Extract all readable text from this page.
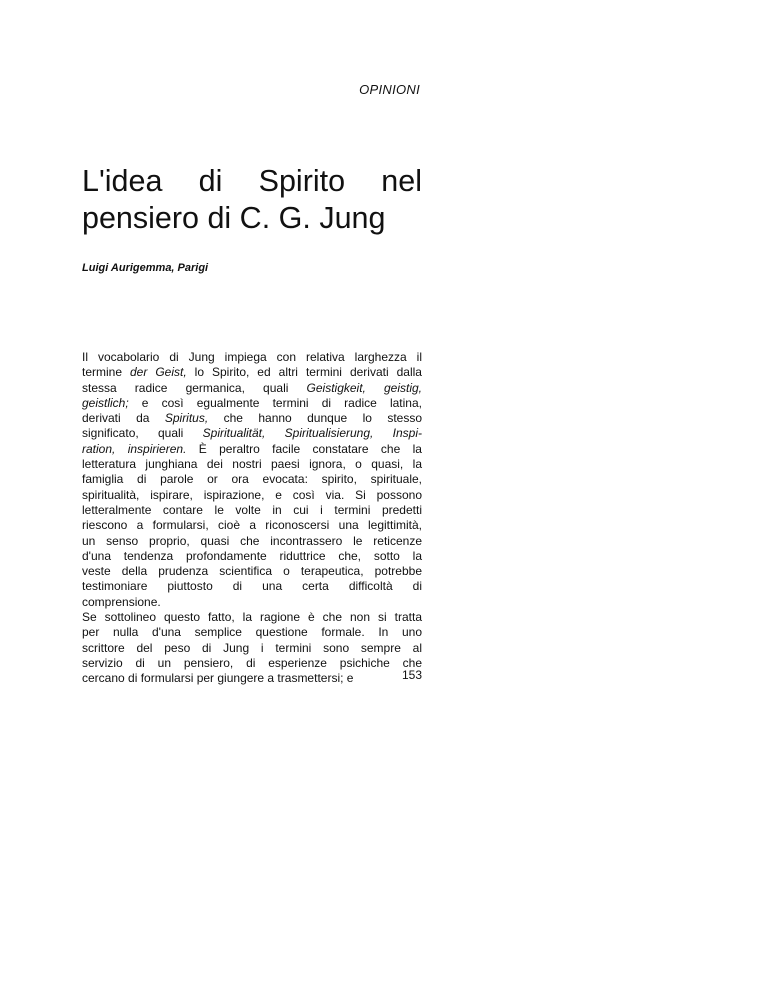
OPINIONI
L'idea di Spirito nel
pensiero di C. G. Jung
Luigi Aurigemma, Parigi
Il vocabolario di Jung impiega con relativa larghezza il
termine der Geist, lo Spirito, ed altri termini derivati dalla
stessa radice germanica, quali Geistigkeit, geistig,
geistlich; e così egualmente termini di radice latina,
derivati da Spiritus, che hanno dunque lo stesso
significato, quali Spiritualität, Spiritualisierung, Inspi-
ration, inspirieren. È peraltro facile constatare che la
letteratura junghiana dei nostri paesi ignora, o quasi, la
famiglia di parole or ora evocata: spirito, spirituale,
spiritualità, ispirare, ispirazione, e così via. Si possono
letteralmente contare le volte in cui i termini predetti
riescono a formularsi, cioè a riconoscersi una legittimità,
un senso proprio, quasi che incontrassero le reticenze
d'una tendenza profondamente riduttrice che, sotto la
veste della prudenza scientifica o terapeutica, potrebbe
testimoniare piuttosto di una certa difficoltà di
comprensione.
Se sottolineo questo fatto, la ragione è che non si tratta
per nulla d'una semplice questione formale. In uno
scrittore del peso di Jung i termini sono sempre al
servizio di un pensiero, di esperienze psichiche che
cercano di formularsi per giungere a trasmettersi; e	153
